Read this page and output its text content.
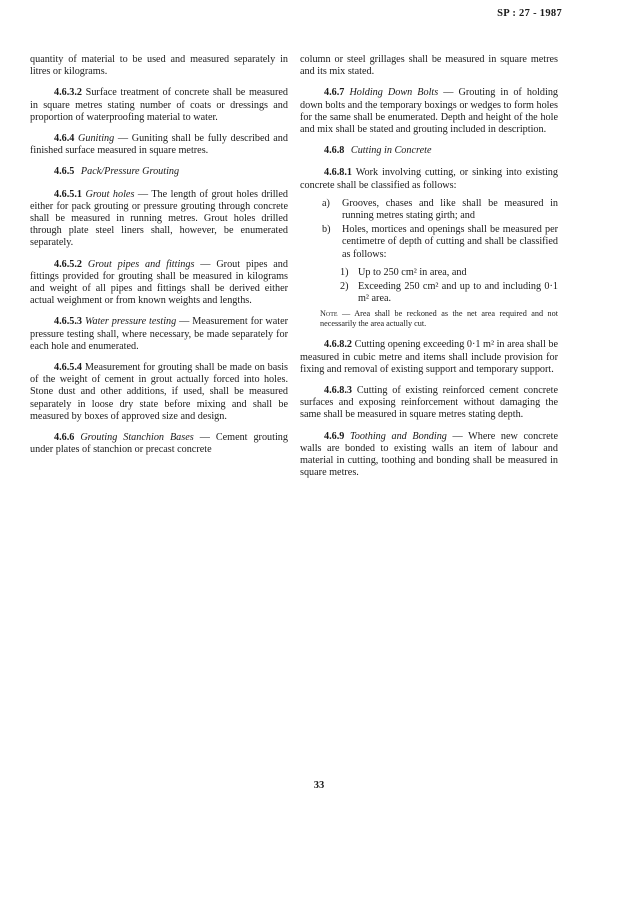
SP : 27 - 1987

quantity of material to be used and measured separately in litres or kilograms.

4.6.3.2 Surface treatment of concrete shall be measured in square metres stating number of coats or dressings and proportion of waterproofing material to water.

4.6.4 Guniting — Guniting shall be fully described and finished surface measured in square metres.

4.6.5 Pack/Pressure Grouting

4.6.5.1 Grout holes — The length of grout holes drilled either for pack grouting or pressure grouting through concrete shall be measured in running metres. Grout holes drilled through plate steel liners shall, however, be enumerated separately.

4.6.5.2 Grout pipes and fittings — Grout pipes and fittings provided for grouting shall be measured in kilograms and weight of all pipes and fittings shall be derived either actual weighment or from known weights and lengths.

4.6.5.3 Water pressure testing — Measurement for water pressure testing shall, where necessary, be made separately for each hole and enumerated.

4.6.5.4 Measurement for grouting shall be made on basis of the weight of cement in grout actually forced into holes. Stone dust and other additions, if used, shall be measured separately in loose dry state before mixing and shall be measured by boxes of approved size and design.

4.6.6 Grouting Stanchion Bases — Cement grouting under plates of stanchion or precast concrete

column or steel grillages shall be measured in square metres and its mix stated.

4.6.7 Holding Down Bolts — Grouting in of holding down bolts and the temporary boxings or wedges to form holes for the same shall be enumerated. Depth and height of the hole and mix shall be stated and grouting included in description.

4.6.8 Cutting in Concrete

4.6.8.1 Work involving cutting, or sinking into existing concrete shall be classified as follows:

a) Grooves, chases and like shall be measured in running metres stating girth; and
b) Holes, mortices and openings shall be measured per centimetre of depth of cutting and shall be classified as follows:
1) Up to 250 cm² in area, and
2) Exceeding 250 cm² and up to and including 0·1 m² area.
Note — Area shall be reckoned as the net area required and not necessarily the area actually cut.

4.6.8.2 Cutting opening exceeding 0·1 m² in area shall be measured in cubic metre and items shall include provision for fixing and removal of existing support and temporary support.

4.6.8.3 Cutting of existing reinforced cement concrete surfaces and exposing reinforcement without damaging the same shall be measured in square metres stating depth.

4.6.9 Toothing and Bonding — Where new concrete walls are bonded to existing walls an item of labour and material in cutting, toothing and bonding shall be measured in square metres.

33
